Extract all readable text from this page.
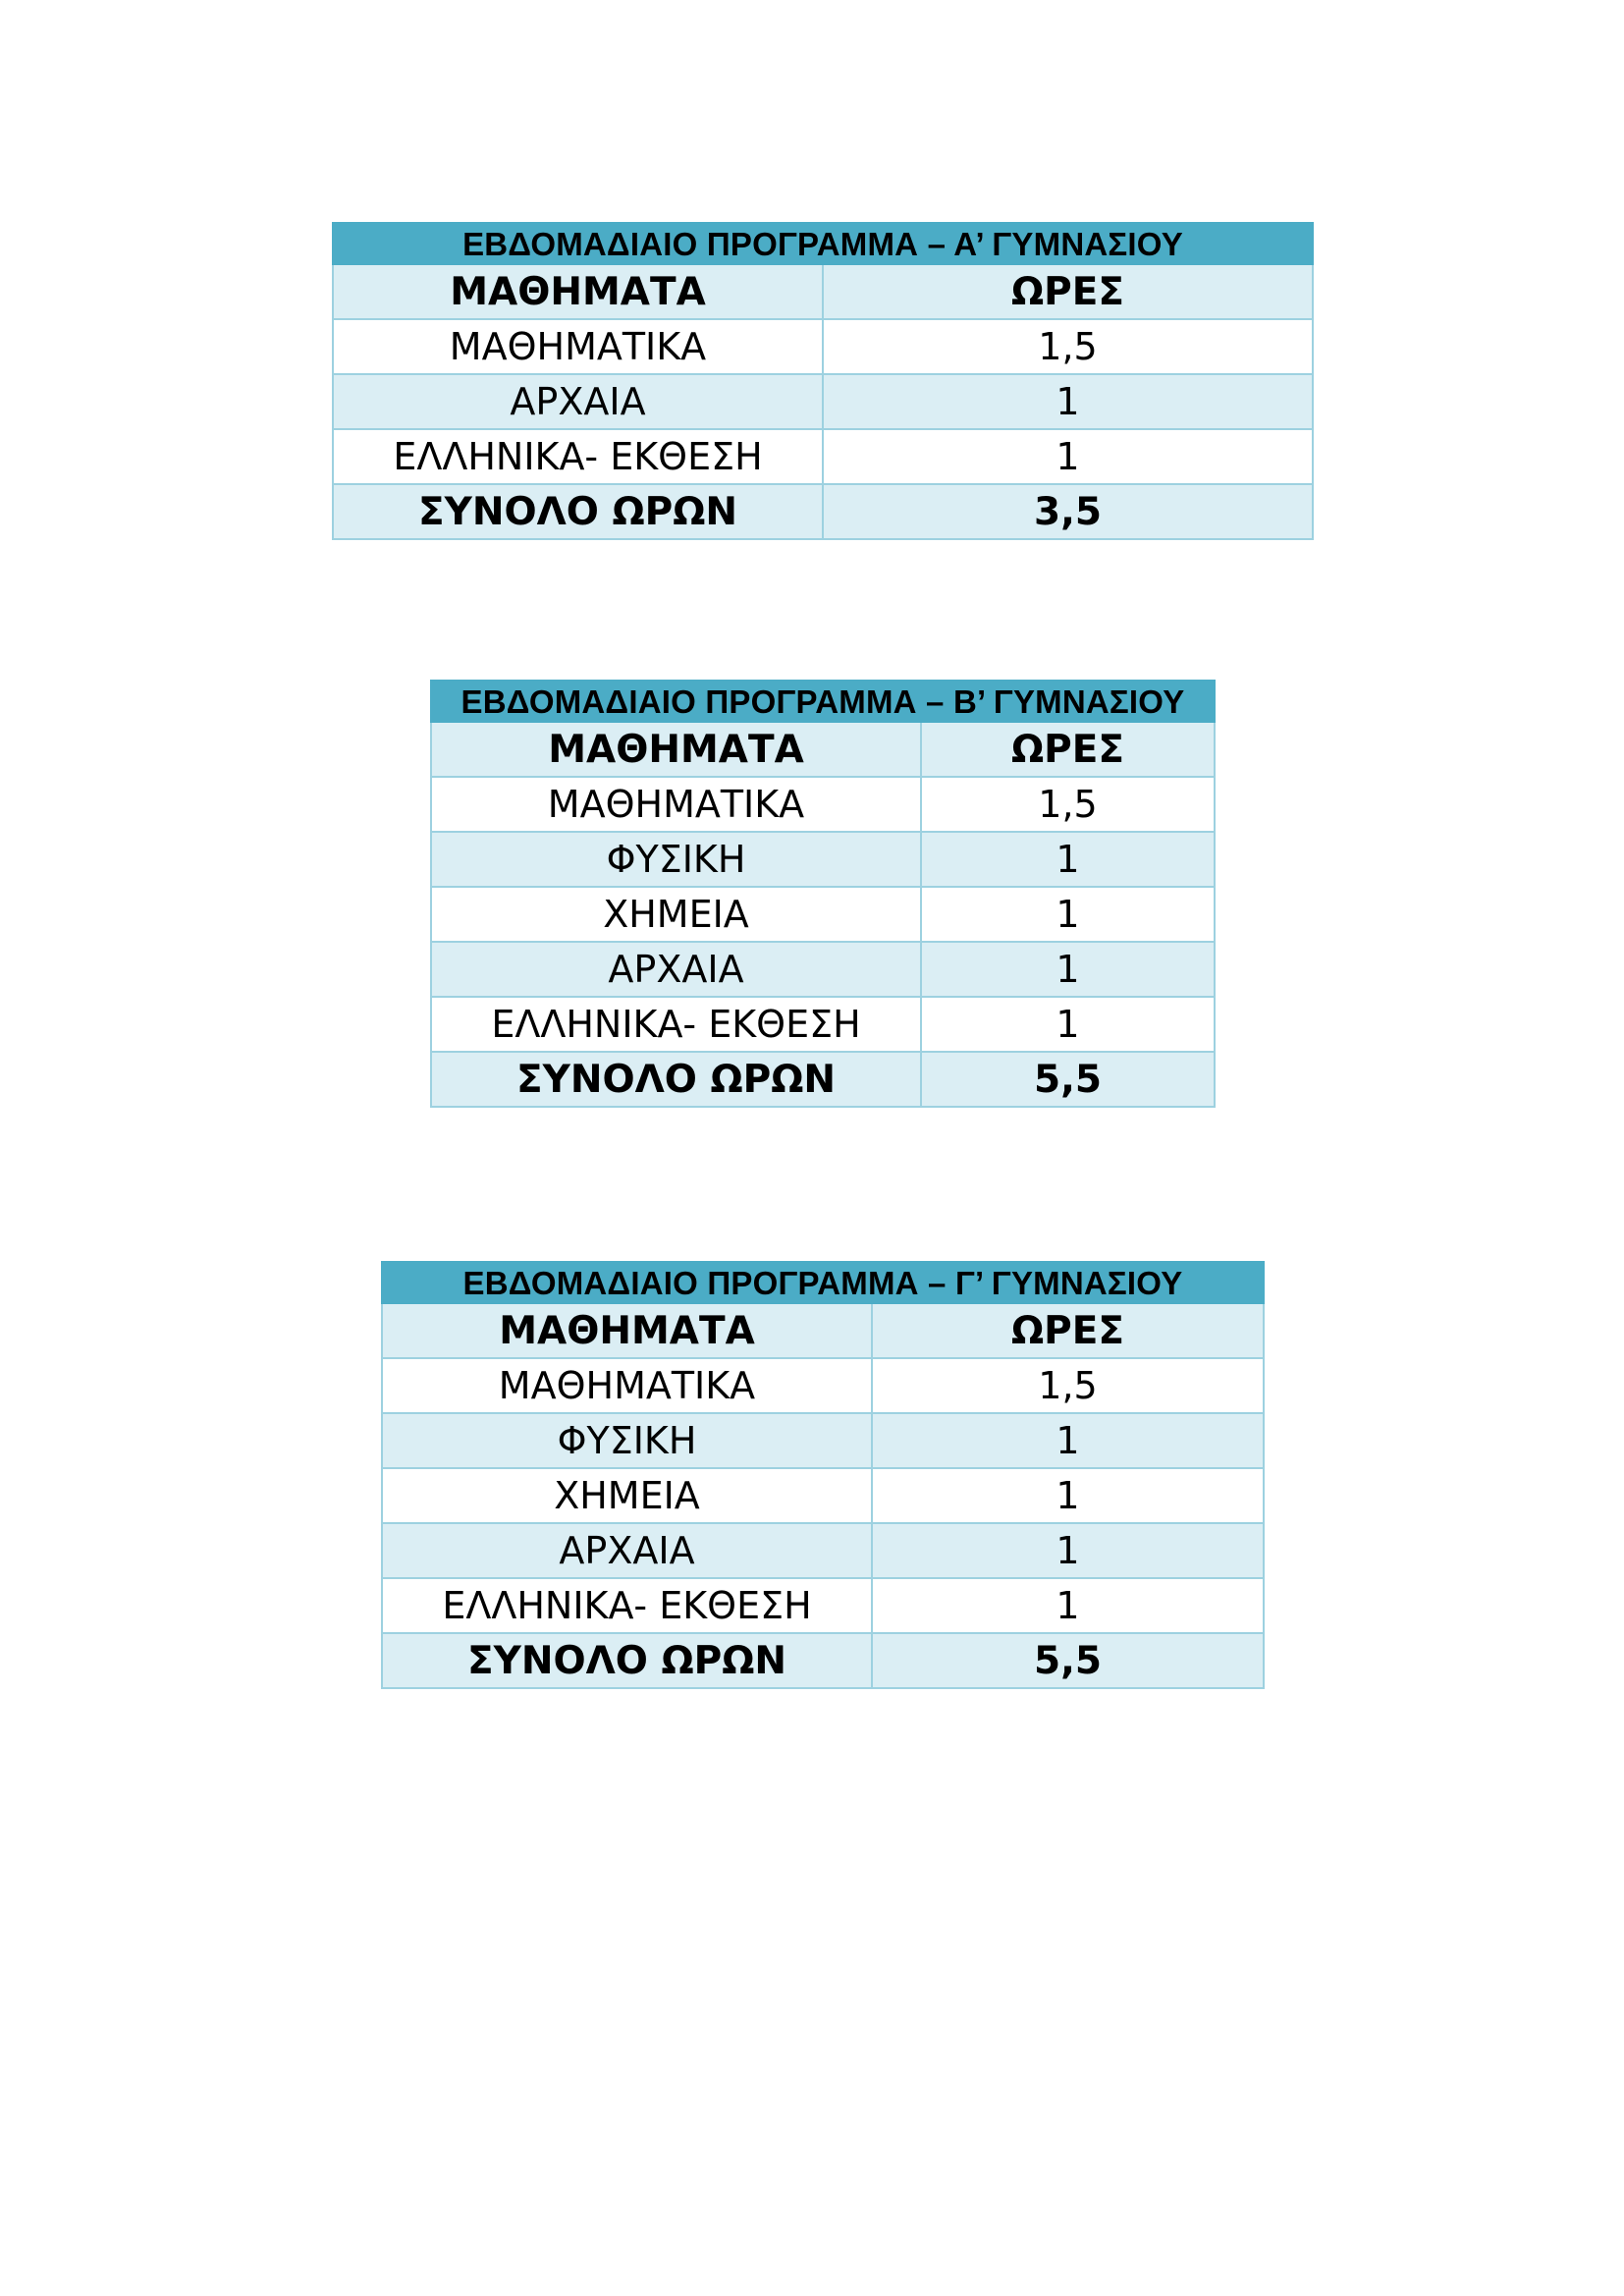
ΕΒΔΟΜΑΔΙΑΙΟ ΠΡΟΓΡΑΜΜΑ – Α’ ΓΥΜΝΑΣΙΟΥ	
ΜΑΘΗΜΑΤΑ	ΩΡΕΣ
ΜΑΘΗΜΑΤΙΚΑ	1,5
ΑΡΧΑΙΑ	1
ΕΛΛΗΝΙΚΑ- ΕΚΘΕΣΗ	1
ΣΥΝΟΛΟ ΩΡΩΝ	3,5
ΕΒΔΟΜΑΔΙΑΙΟ ΠΡΟΓΡΑΜΜΑ – Β’ ΓΥΜΝΑΣΙΟΥ	
ΜΑΘΗΜΑΤΑ	ΩΡΕΣ
ΜΑΘΗΜΑΤΙΚΑ	1,5
ΦΥΣΙΚΗ	1
ΧΗΜΕΙΑ	1
ΑΡΧΑΙΑ	1
ΕΛΛΗΝΙΚΑ- ΕΚΘΕΣΗ	1
ΣΥΝΟΛΟ ΩΡΩΝ	5,5
ΕΒΔΟΜΑΔΙΑΙΟ ΠΡΟΓΡΑΜΜΑ – Γ’ ΓΥΜΝΑΣΙΟΥ	
ΜΑΘΗΜΑΤΑ	ΩΡΕΣ
ΜΑΘΗΜΑΤΙΚΑ	1,5
ΦΥΣΙΚΗ	1
ΧΗΜΕΙΑ	1
ΑΡΧΑΙΑ	1
ΕΛΛΗΝΙΚΑ- ΕΚΘΕΣΗ	1
ΣΥΝΟΛΟ ΩΡΩΝ	5,5
